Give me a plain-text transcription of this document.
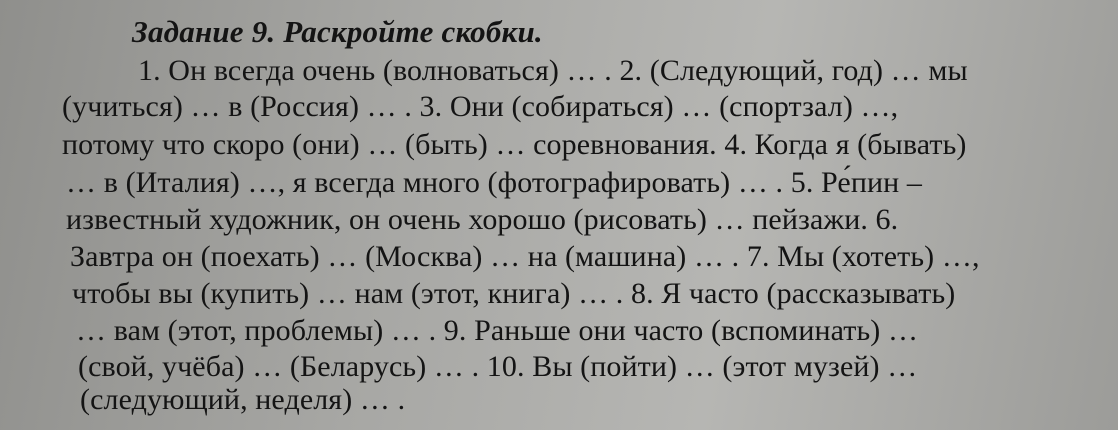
Задание 9. Раскройте скобки.
1. Он всегда очень (волноваться) … . 2. (Следующий, год) … мы
(учиться) … в (Россия) … . 3. Они (собираться) … (спортзал) …,
потому что скоро (они) … (быть) … соревнования. 4. Когда я (бывать)
… в (Италия) …, я всегда много (фотографировать) … . 5. Ре́пин –
известный художник, он очень хорошо (рисовать) … пейзажи. 6.
Завтра он (поехать) … (Москва) … на (машина) … . 7. Мы (хотеть) …,
чтобы вы (купить) … нам (этот, книга) … . 8. Я часто (рассказывать)
… вам (этот, проблемы) … . 9. Раньше они часто (вспоминать) …
(свой, учёба) … (Беларусь) … . 10. Вы (пойти) … (этот музей) …
(следующий, неделя) … .
